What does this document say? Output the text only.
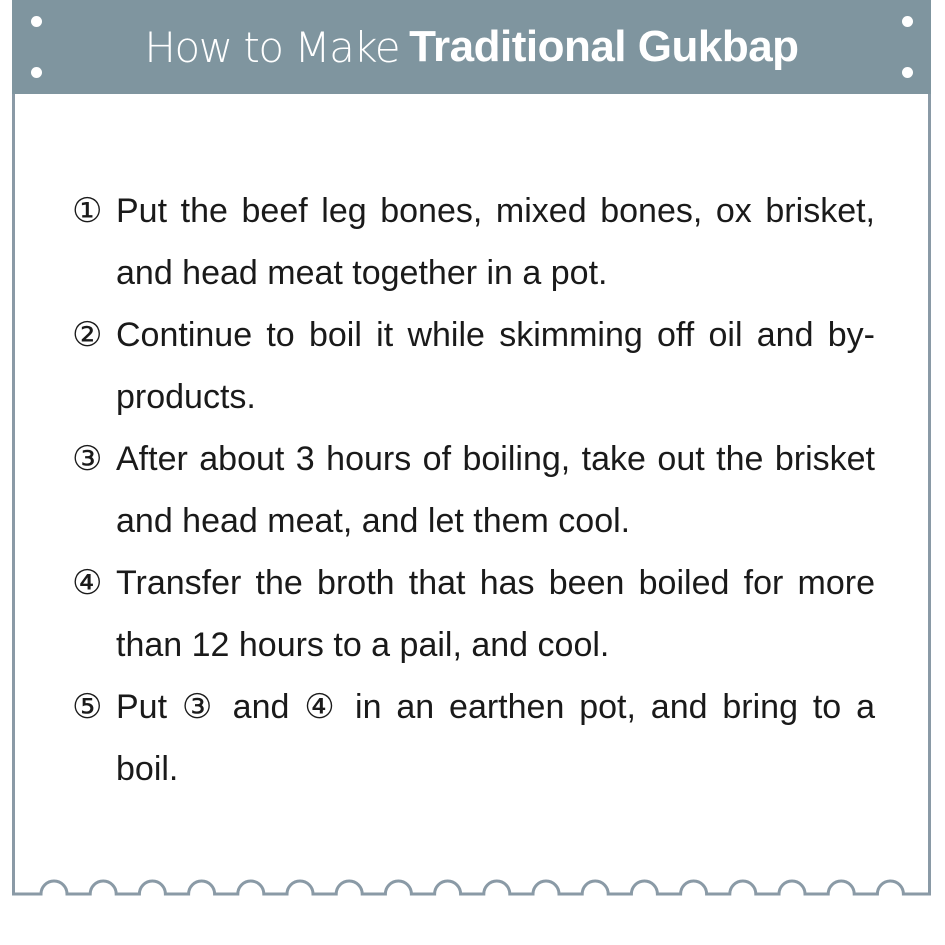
How to Make Traditional Gukbap
① Put the beef leg bones, mixed bones, ox brisket, and head meat together in a pot.
② Continue to boil it while skimming off oil and by-products.
③ After about 3 hours of boiling, take out the brisket and head meat, and let them cool.
④ Transfer the broth that has been boiled for more than 12 hours to a pail, and cool.
⑤ Put ③ and ④ in an earthen pot, and bring to a boil.
